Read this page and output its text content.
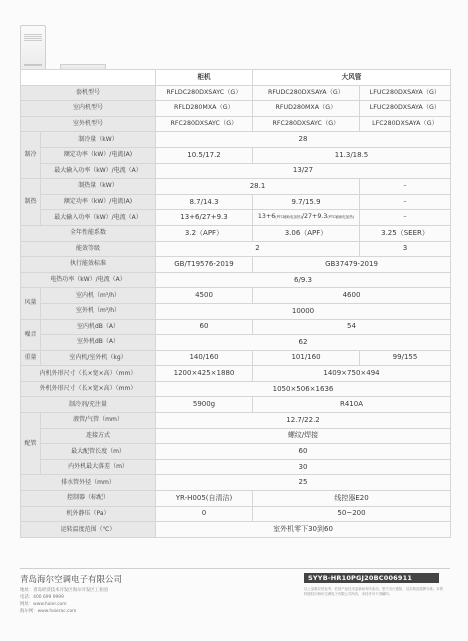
		柜机	大风管	
套机型号		RFLDC280DXSAYC（G）	RFUDC280DXSAYA（G）	LFUC280DXSAYA（G）
室内机型号		RFLD280MXA（G）	RFUD280MXA（G）	LFUC280DXSAYA（G）
室外机型号		RFC280DXSAYC（G）	RFC280DXSAYC（G）	LFC280DXSAYA（G）
制冷	制冷量（kW）	28		
	额定功率（kW）/电流(A)	10.5/17.2	11.3/18.5	
	最大输入功率（kW）/电流（A）	13/27		
制热	制热量（kW）	28.1		–
	额定功率（kW）/电流(A)	8.7/14.3	9.7/15.9	–
	最大输入功率（kW）/电流（A）	13+6/27+9.3	13+6(PTC辅助电加热)/27+9.3(PTC辅助电加热)	–
全年性能系数		3.2（APF）	3.06（APF）	3.25（SEER）
能效等级		2		3
执行能效标准		GB/T19576-2019	GB37479-2019	
电热功率（kW）/电流（A）		6/9.3		
风量	室内机（m³/h）	4500	4600	
	室外机（m³/h）	10000		
噪音	室内机dB（A）	60	54	
	室外机dB（A）	62		
重量	室内机/室外机（kg）	140/160	101/160	99/155
内机外形尺寸（长×宽×高）（mm）		1200×425×1880	1409×750×494	
外机外形尺寸（长×宽×高）（mm）		1050×506×1636		
制冷剂/充注量		5900g	R410A	
配管	液管/气管（mm）	12.7/22.2		
	连接方式	螺纹/焊接		
	最大配管长度（m）	60		
	内外机最大落差（m）	30		
排水管外径（mm）		25		
控制器（标配）		YR-H005(自清洁)	线控器E20	
机外静压（Pa）		0	50~200	
运转温度范围（℃）		室外机零下30到60		
青岛海尔空调电子有限公司
地址：青岛经济技术开发区海尔开发区工业园
电话：400 699 9999
网址：www.haier.com
海尔网：www.haierac.com
SYYB-HR10PGJ20BC006911
以上参数仅供参考，若因产品技术更新而有所变动，恕不另行通知，以实物及铭牌为准。本资料版权归海尔空调电子有限公司所有，未经许可不得翻印。
